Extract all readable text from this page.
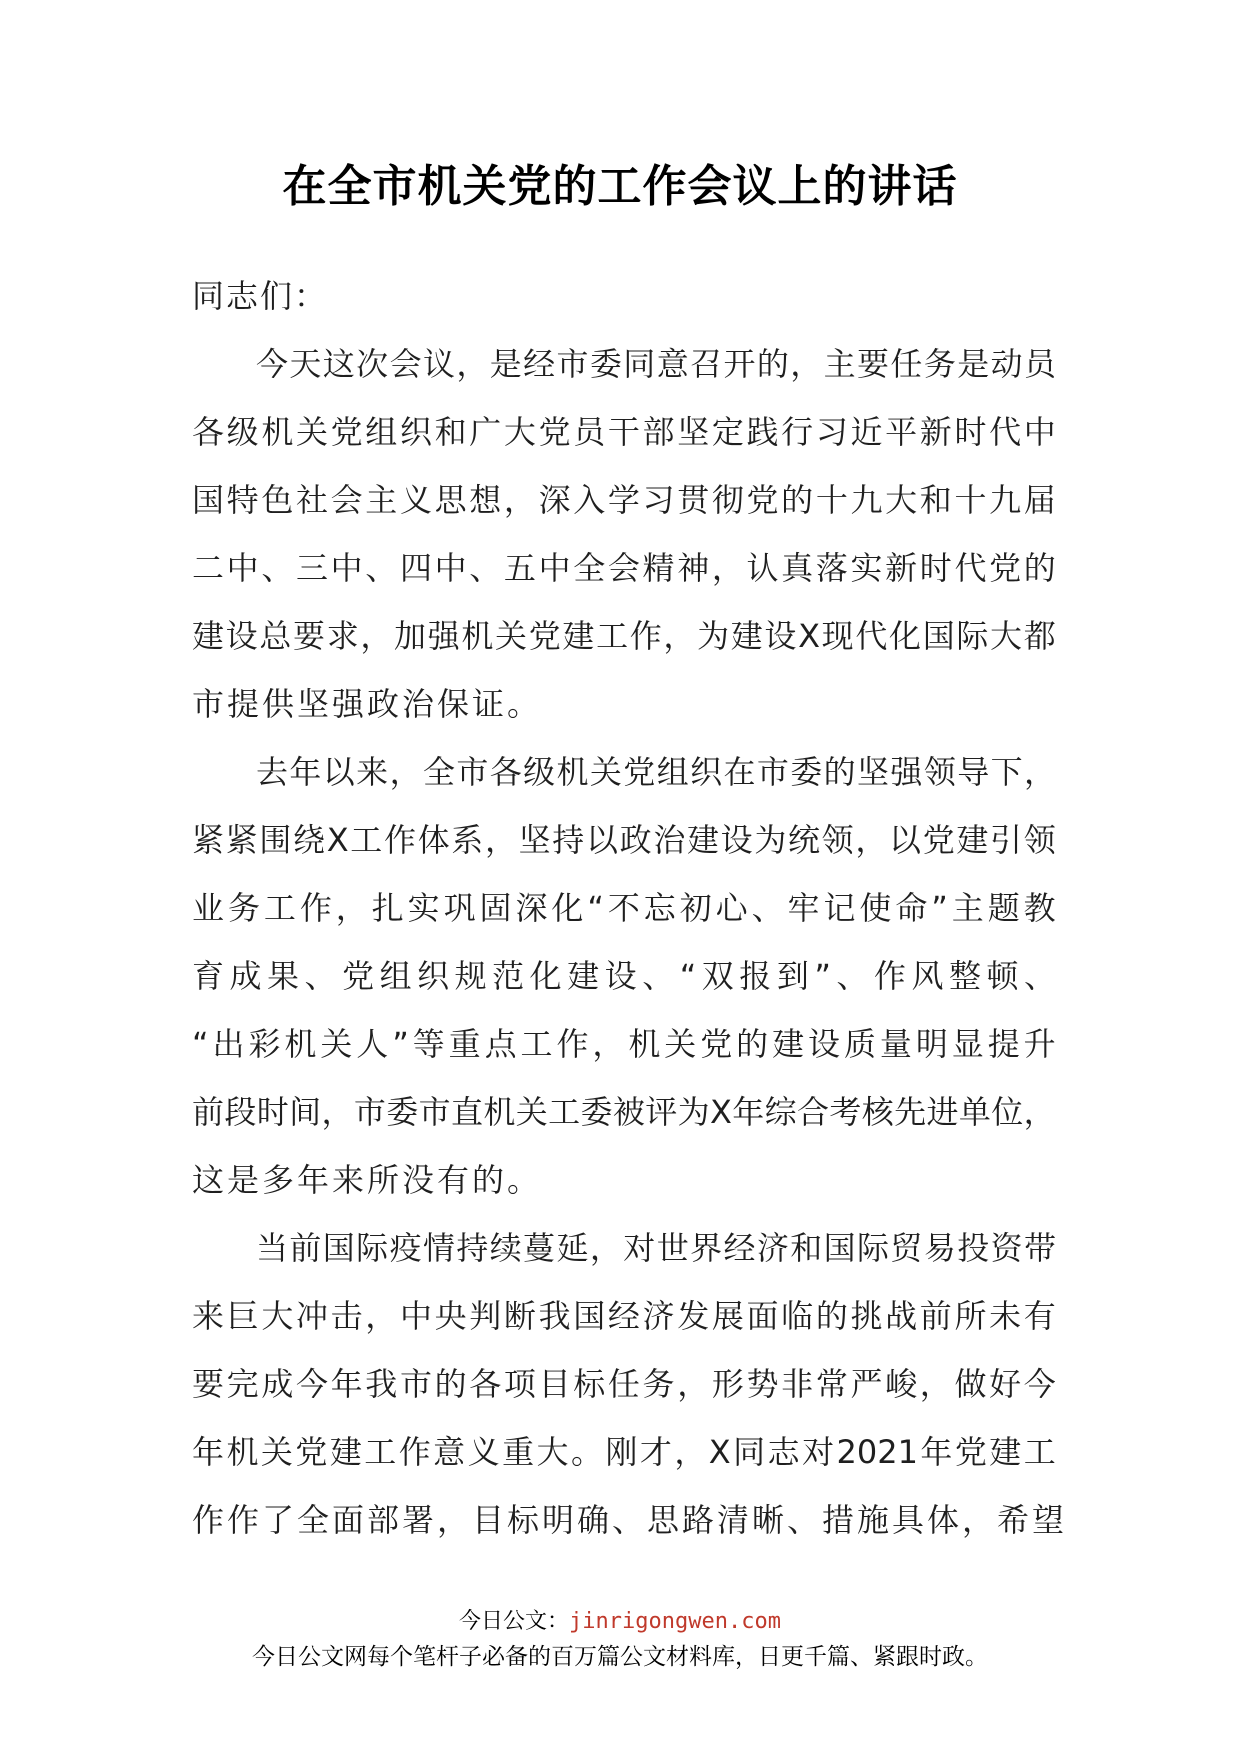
在全市机关党的工作会议上的讲话
同志们：
今 天 这 次 会 议 ， 是 经 市 委 同 意 召 开 的 ， 主 要 任 务 是 动 员
各 级 机 关 党 组 织 和 广 大 党 员 干 部 坚 定 践 行 习 近 平 新 时 代 中
国 特 色 社 会 主 义 思 想 ， 深 入 学 习 贯 彻 党 的 十 九 大 和 十 九 届
二 中 、 三 中 、 四 中 、 五 中 全 会 精 神 ， 认 真 落 实 新 时 代 党 的
建 设 总 要 求 ， 加 强 机 关 党 建 工 作 ， 为 建 设 X 现 代 化 国 际 大 都
市提供坚强政治保证。
去 年 以 来 ， 全 市 各 级 机 关 党 组 织 在 市 委 的 坚 强 领 导 下 ，
紧 紧 围 绕 X 工 作 体 系 ， 坚 持 以 政 治 建 设 为 统 领 ， 以 党 建 引 领
业 务 工 作 ， 扎 实 巩 固 深 化 “ 不 忘 初 心 、 牢 记 使 命 ” 主 题 教
育 成 果 、 党 组 织 规 范 化 建 设 、 “ 双 报 到 ” 、 作 风 整 顿 、
“ 出 彩 机 关 人 ” 等 重 点 工 作 ， 机 关 党 的 建 设 质 量 明 显 提 升
前 段 时 间 ， 市 委 市 直 机 关 工 委 被 评 为 X 年 综 合 考 核 先 进 单 位 ，
这是多年来所没有的。
当 前 国 际 疫 情 持 续 蔓 延 ， 对 世 界 经 济 和 国 际 贸 易 投 资 带
来 巨 大 冲 击 ， 中 央 判 断 我 国 经 济 发 展 面 临 的 挑 战 前 所 未 有
要 完 成 今 年 我 市 的 各 项 目 标 任 务 ， 形 势 非 常 严 峻 ， 做 好 今
年 机 关 党 建 工 作 意 义 重 大 。 刚 才 ， X 同 志 对 2021 年 党 建 工
作作了全面部署，目标明确、思路清晰、措施具体，希望
今日公文：jinrigongwen.com
今日公文网每个笔杆子必备的百万篇公文材料库，日更千篇、紧跟时政。
